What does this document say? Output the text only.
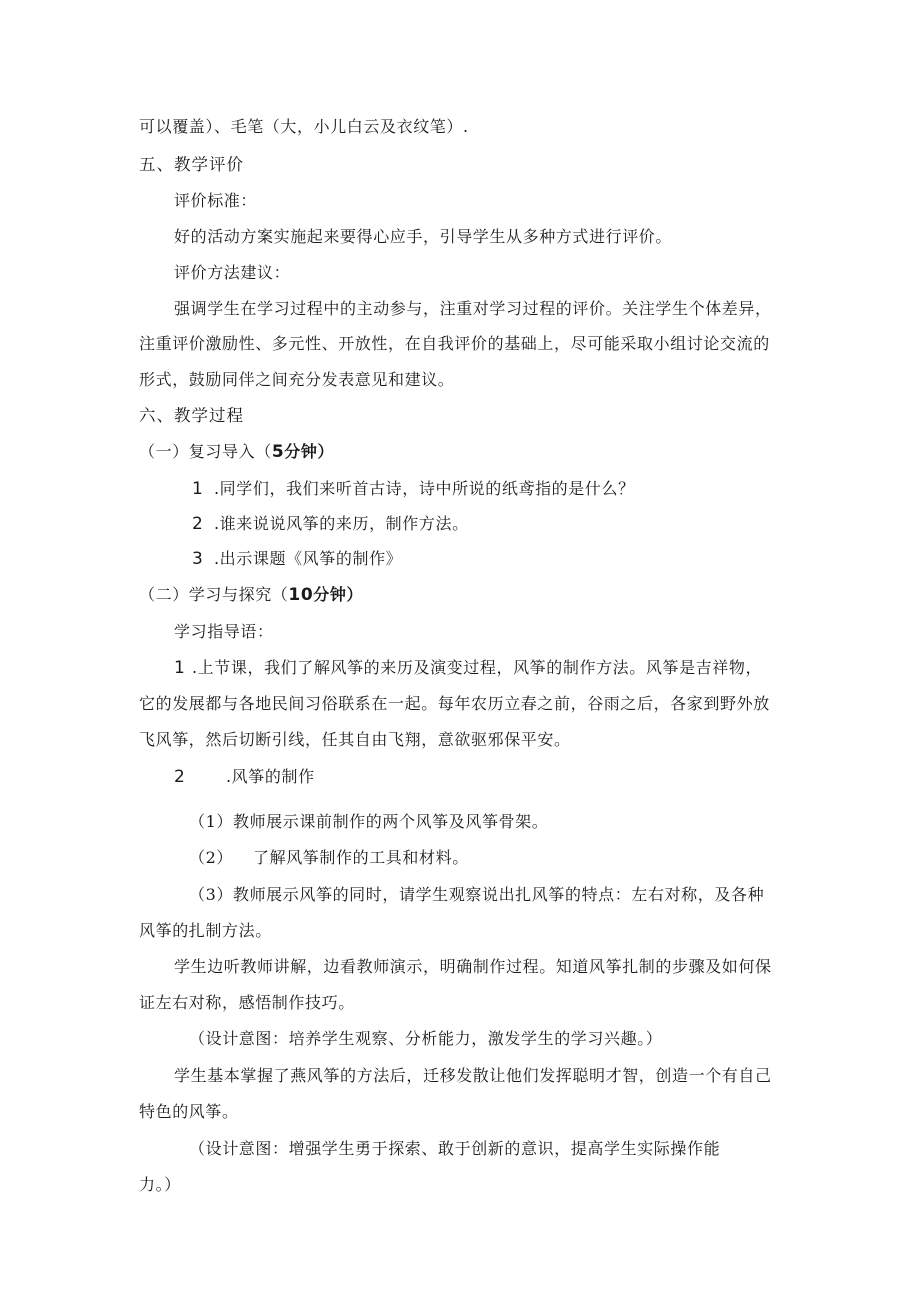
可以覆盖）、毛笔（大，小儿白云及衣纹笔）.
五、教学评价
评价标准：
好的活动方案实施起来要得心应手，引导学生从多种方式进行评价。
评价方法建议：
强调学生在学习过程中的主动参与，注重对学习过程的评价。关注学生个体差异，
注重评价激励性、多元性、开放性，在自我评价的基础上，尽可能采取小组讨论交流的
形式，鼓励同伴之间充分发表意见和建议。
六、教学过程
（一）复习导入（5分钟）
1 .同学们，我们来听首古诗，诗中所说的纸鸢指的是什么？
2 .谁来说说风筝的来历，制作方法。
3 .出示课题《风筝的制作》
（二）学习与探究（10分钟）
学习指导语：
1 .上节课，我们了解风筝的来历及演变过程，风筝的制作方法。风筝是吉祥物，
它的发展都与各地民间习俗联系在一起。每年农历立春之前，谷雨之后，各家到野外放
飞风筝，然后切断引线，任其自由飞翔，意欲驱邪保平安。
2	.风筝的制作
（1）教师展示课前制作的两个风筝及风筝骨架。
（2） 了解风筝制作的工具和材料。
（3）教师展示风筝的同时，请学生观察说出扎风筝的特点：左右对称，及各种
风筝的扎制方法。
学生边听教师讲解，边看教师演示，明确制作过程。知道风筝扎制的步骤及如何保
证左右对称，感悟制作技巧。
（设计意图：培养学生观察、分析能力，激发学生的学习兴趣。）
学生基本掌握了燕风筝的方法后，迁移发散让他们发挥聪明才智，创造一个有自己
特色的风筝。
（设计意图：增强学生勇于探索、敢于创新的意识，提高学生实际操作能
力。）
